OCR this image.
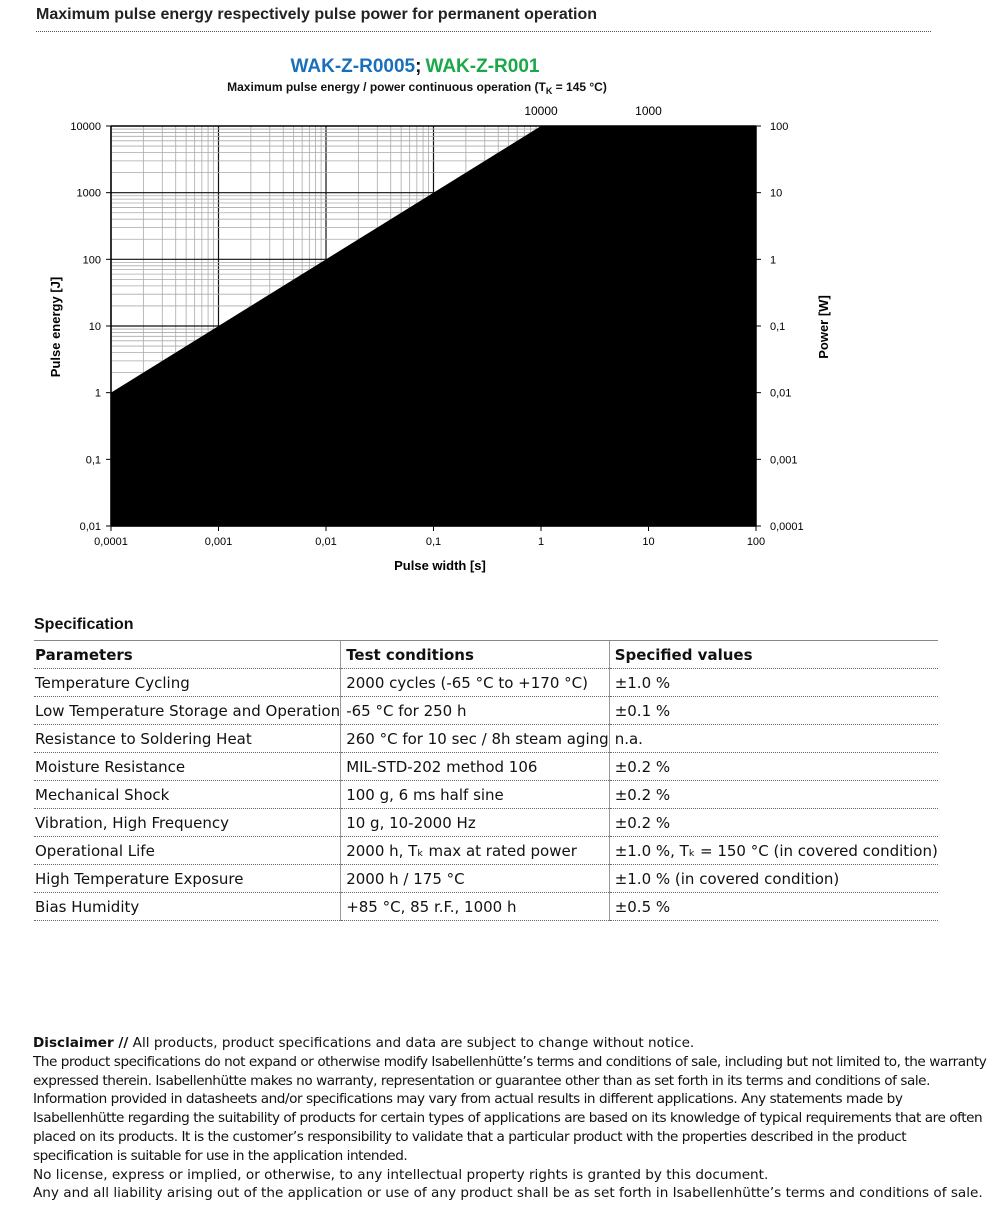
Maximum pulse energy respectively pulse power for permanent operation
WAK-Z-R0005; WAK-Z-R001
Maximum pulse energy / power continuous operation ($T_K = 145$ °C)
0,0001	0,001	0,01	0,1	1	10	100
0,01
0,1
1
10
100
1000
10000
0,0001
0,001
0,01
0,1
1
10
100
10000	1000
Pulse width [s]
Pulse energy [J]	Power [W]
Specification
Parameters	Test conditions	Specified values
Temperature Cycling	2000 cycles (-65 °C to +170 °C)	±1.0 %
Low Temperature Storage and Operation	-65 °C for 250 h	±0.1 %
Resistance to Soldering Heat	260 °C for 10 sec / 8h steam aging	n.a.
Moisture Resistance	MIL-STD-202 method 106	±0.2 %
Mechanical Shock	100 g, 6 ms half sine	±0.2 %
Vibration, High Frequency	10 g, 10-2000 Hz	±0.2 %
Operational Life	2000 h, Tₖ max at rated power	±1.0 %, Tₖ = 150 °C (in covered condition)
High Temperature Exposure	2000 h / 175 °C	±1.0 % (in covered condition)
Bias Humidity	+85 °C, 85 r.F., 1000 h	±0.5 %

Disclaimer // All products, product specifications and data are subject to change without notice.

The product specifications do not expand or otherwise modify Isabellenhütte’s terms and conditions of sale, including but not limited to, the warranty expressed therein. Isabellenhütte makes no warranty, representation or guarantee other than as set forth in its terms and conditions of sale. Information provided in datasheets and/or specifications may vary from actual results in different applications. Any statements made by Isabellenhütte regarding the suitability of products for certain types of applications are based on its knowledge of typical requirements that are often placed on its products. It is the customer’s responsibility to validate that a particular product with the properties described in the product specification is suitable for use in the application intended.

No license, express or implied, or otherwise, to any intellectual property rights is granted by this document.

Any and all liability arising out of the application or use of any product shall be as set forth in Isabellenhütte’s terms and conditions of sale.
